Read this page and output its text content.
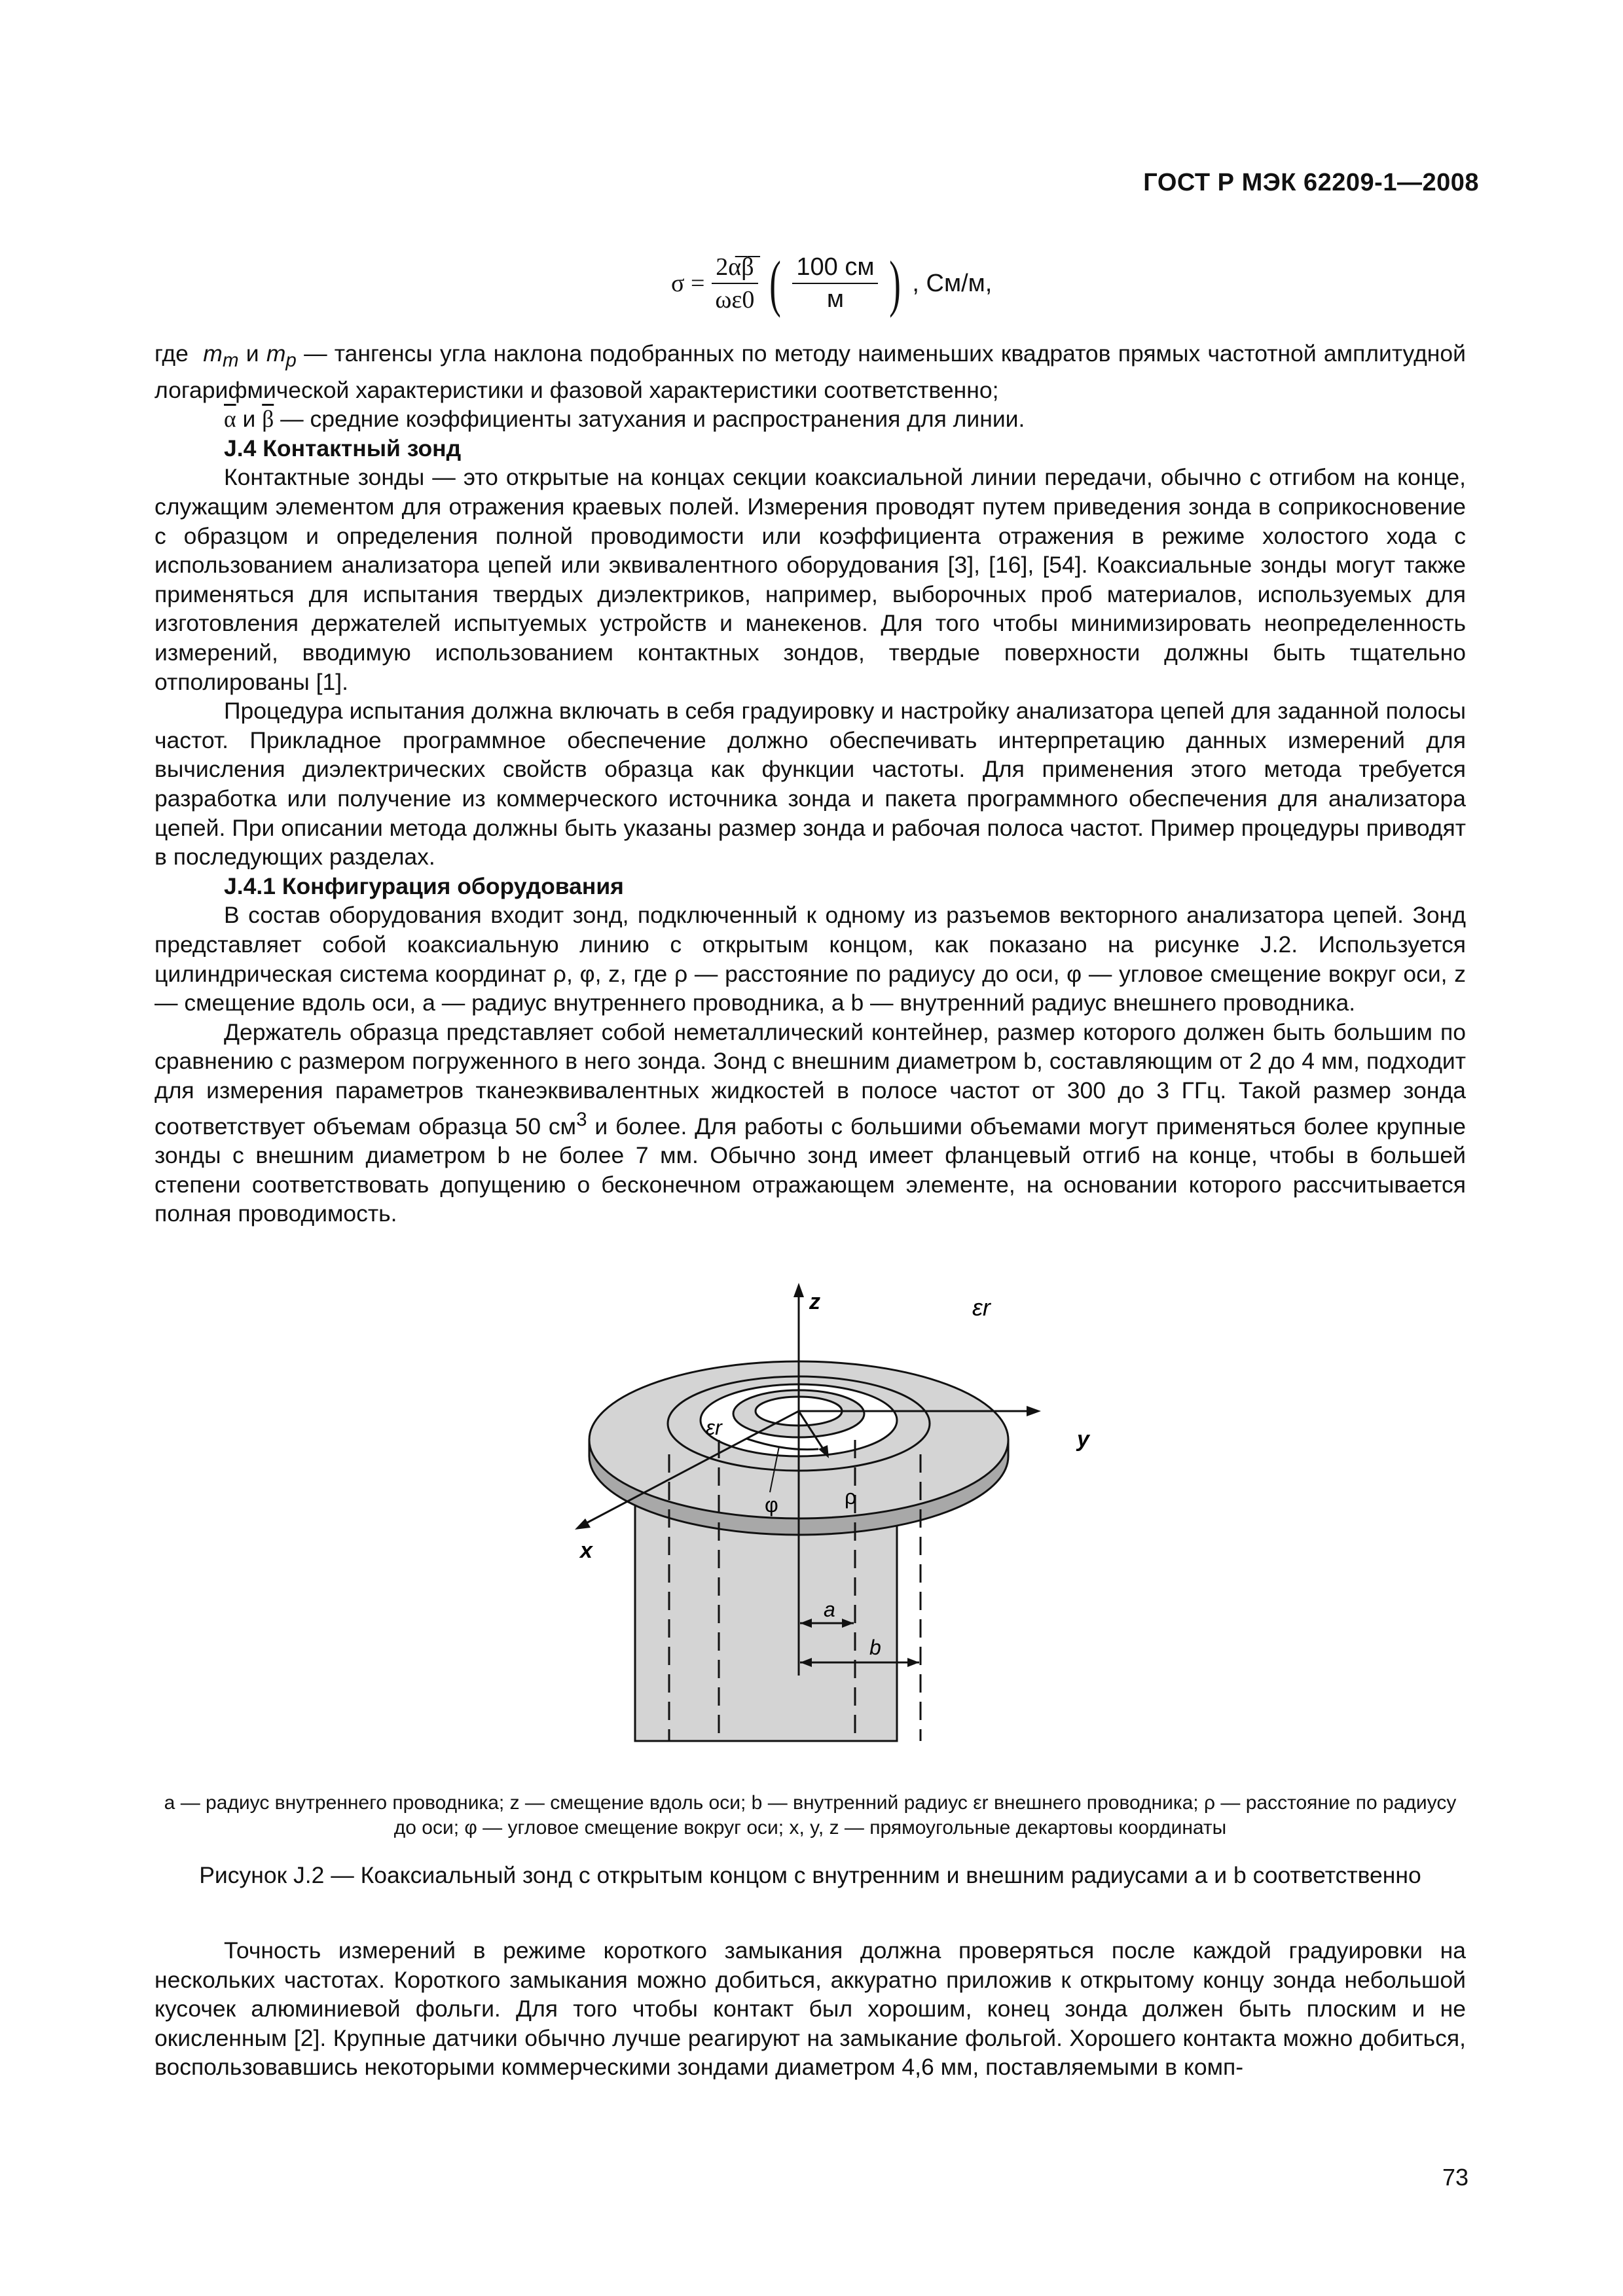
ГОСТ Р МЭК 62209-1—2008
$\sigma = \frac{2\alpha̅\beta̅}{\omega\varepsilon 0}$ ( $\frac{100 см}{м}$ ) , См/м,

где $m_m$ и $m_p$ — тангенсы угла наклона подобранных по методу наименьших квадратов прямых частотной амплитудной логарифмической характеристики и фазовой характеристики соответственно;

$\overline{\alpha}$ и $\overline{\beta}$ — средние коэффициенты затухания и распространения для линии.

J.4 Контактный зонд

Контактные зонды — это открытые на концах секции коаксиальной линии передачи, обычно с отгибом на конце, служащим элементом для отражения краевых полей. Измерения проводят путем приведения зонда в соприкосновение с образцом и определения полной проводимости или коэффициента отражения в режиме холостого хода с использованием анализатора цепей или эквивалентного оборудования [3], [16], [54]. Коаксиальные зонды могут также применяться для испытания твердых диэлектриков, например, выборочных проб материалов, используемых для изготовления держателей испытуемых устройств и манекенов. Для того чтобы минимизировать неопределенность измерений, вводимую использованием контактных зондов, твердые поверхности должны быть тщательно отполированы [1].

Процедура испытания должна включать в себя градуировку и настройку анализатора цепей для заданной полосы частот. Прикладное программное обеспечение должно обеспечивать интерпретацию данных измерений для вычисления диэлектрических свойств образца как функции частоты. Для применения этого метода требуется разработка или получение из коммерческого источника зонда и пакета программного обеспечения для анализатора цепей. При описании метода должны быть указаны размер зонда и рабочая полоса частот. Пример процедуры приводят в последующих разделах.

J.4.1 Конфигурация оборудования

В состав оборудования входит зонд, подключенный к одному из разъемов векторного анализатора цепей. Зонд представляет собой коаксиальную линию с открытым концом, как показано на рисунке J.2. Используется цилиндрическая система координат ρ, φ, z, где ρ — расстояние по радиусу до оси, φ — угловое смещение вокруг оси, z — смещение вдоль оси, a — радиус внутреннего проводника, а b — внутренний радиус внешнего проводника.

Держатель образца представляет собой неметаллический контейнер, размер которого должен быть большим по сравнению с размером погруженного в него зонда. Зонд с внешним диаметром b, составляющим от 2 до 4 мм, подходит для измерения параметров тканеэквивалентных жидкостей в полосе частот от 300 до 3 ГГц. Такой размер зонда соответствует объемам образца 50 $см^3$ и более. Для работы с большими объемами могут применяться более крупные зонды с внешним диаметром b не более 7 мм. Обычно зонд имеет фланцевый отгиб на конце, чтобы в большей степени соответствовать допущению о бесконечном отражающем элементе, на основании которого рассчитывается полная проводимость.

z
y
x
εr
εr
φ	ρ
a
b
a — радиус внутреннего проводника; z — смещение вдоль оси; b — внутренний радиус εr внешнего проводника; ρ — расстояние по радиусу до оси; φ — угловое смещение вокруг оси; x, y, z — прямоугольные декартовы координаты
Рисунок J.2 — Коаксиальный зонд с открытым концом с внутренним и внешним радиусами a и b соответственно

Точность измерений в режиме короткого замыкания должна проверяться после каждой градуировки на нескольких частотах. Короткого замыкания можно добиться, аккуратно приложив к открытому концу зонда небольшой кусочек алюминиевой фольги. Для того чтобы контакт был хорошим, конец зонда должен быть плоским и не окисленным [2]. Крупные датчики обычно лучше реагируют на замыкание фольгой. Хорошего контакта можно добиться, воспользовавшись некоторыми коммерческими зондами диаметром 4,6 мм, поставляемыми в комп-

73
